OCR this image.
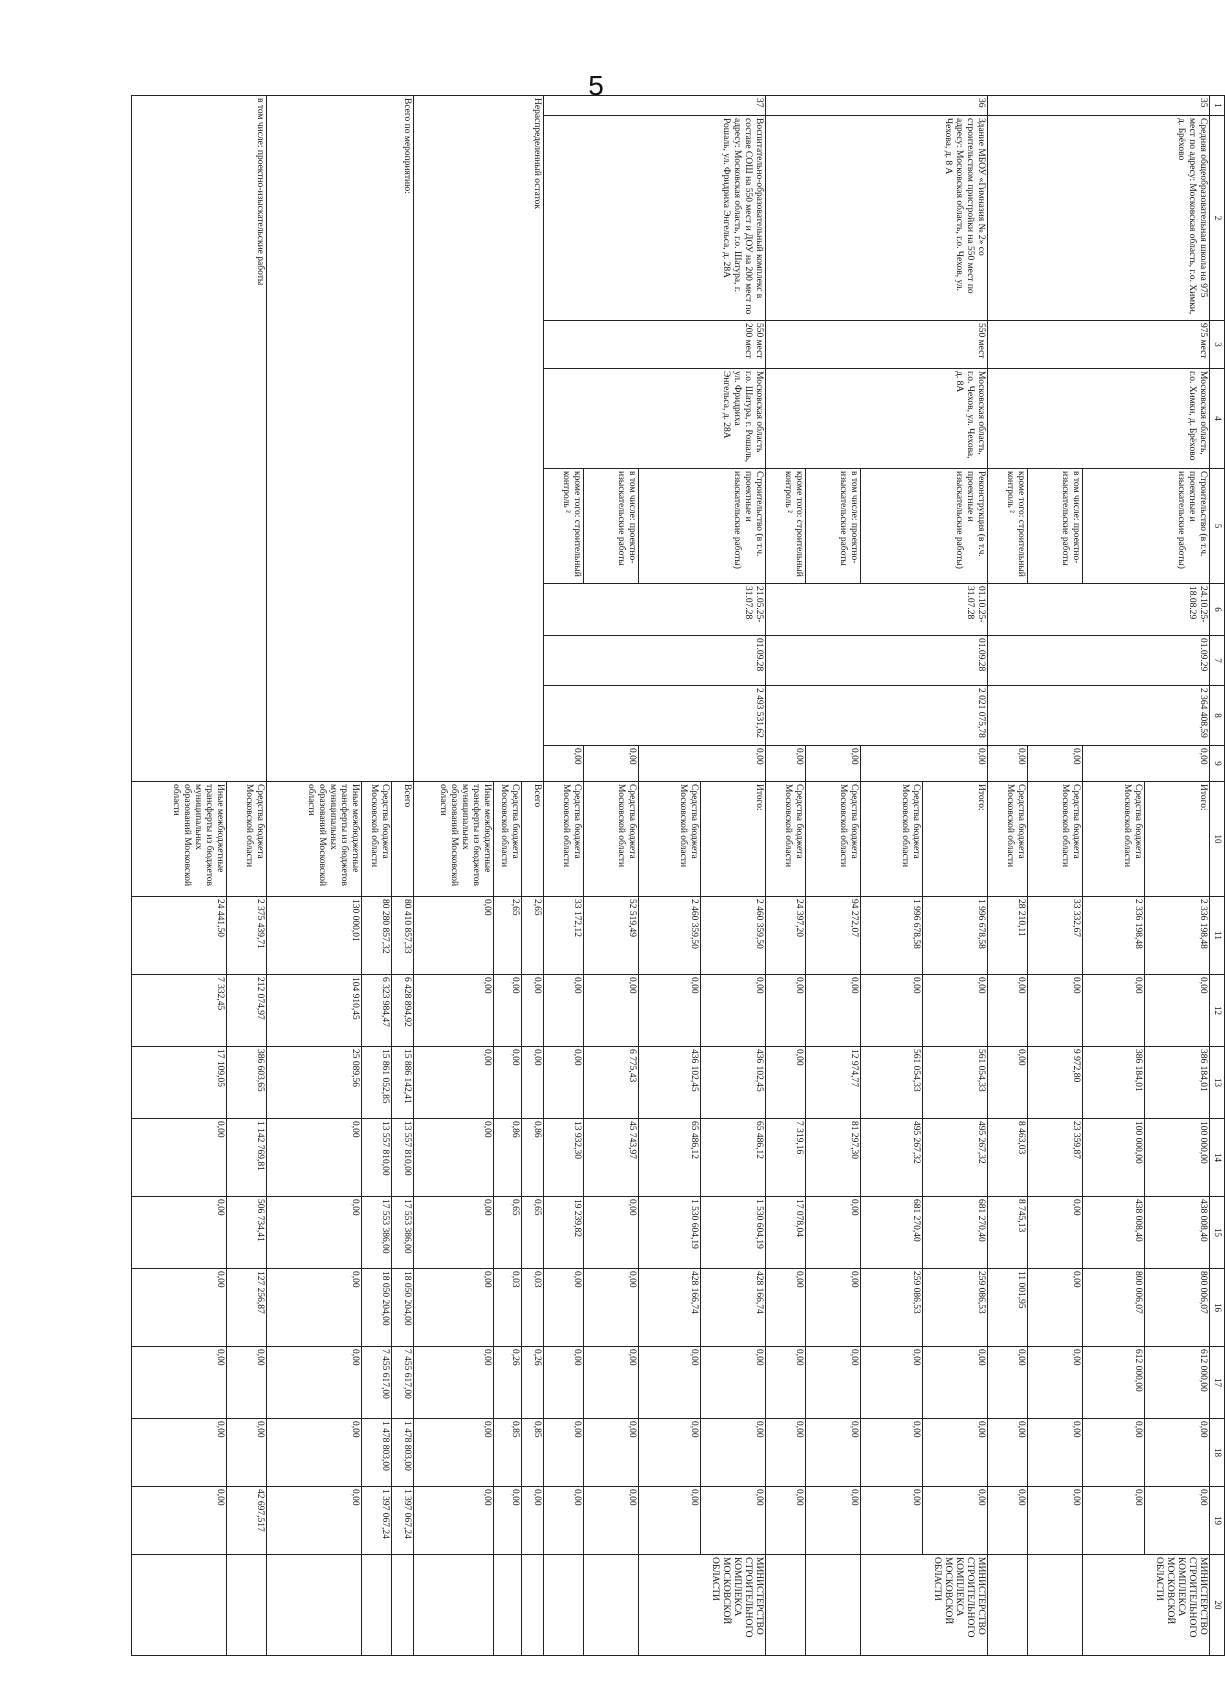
5
1	2	3	4	5	6	7	8	9	10	11	12	13	14	15	16	17	18	19	20
35	Средняя общеобразовательная школа на 975 мест по адресу: Московская область, г.о. Химки, д. Брёхово	975 мест	Московская область, г.о. Химки, д. Брёхово	Строительство (в т.ч. проектные и изыскательские работы)	24.10.25-18.08.29	01.09.29	2 364 408,59	0,00	Итого:	2 336 198,48	0,00	386 184,01	100 000,00	438 008,40	800 006,07	612 000,00	0,00	0,00	МИНИСТЕРСТВО СТРОИТЕЛЬНОГО КОМПЛЕКСА МОСКОВСКОЙ ОБЛАСТИ
									Средства бюджета Московской области	2 336 198,48	0,00	386 184,01	100 000,00	438 008,40	800 006,07	612 000,00	0,00	0,00	
				в том числе: проектно-изыскательские работы				0,00	Средства бюджета Московской области	33 332,67	0,00	9 972,80	23 359,87	0,00	0,00	0,00	0,00	0,00	
				кроме того: строительный контроль ²				0,00	Средства бюджета Московской области	28 210,11	0,00	0,00	8 463,03	8 745,13	11 001,95	0,00	0,00	0,00	
36	Здание МБОУ «Гимназия № 2» со строительством пристройки на 550 мест по адресу: Московская область, г.о. Чехов, ул. Чехова, д. 8 А	550 мест	Московская область, г.о. Чехов, ул. Чехова, д. 8А	Реконструкция (в т.ч. проектные и изыскательские работы)	01.10.25-31.07.28	01.09.28	2 021 075,78	0,00	Итого:	1 996 678,58	0,00	561 054,33	495 267,32	681 270,40	259 086,53	0,00	0,00	0,00	МИНИСТЕРСТВО СТРОИТЕЛЬНОГО КОМПЛЕКСА МОСКОВСКОЙ ОБЛАСТИ
									Средства бюджета Московской области	1 996 678,58	0,00	561 054,33	495 267,32	681 270,40	259 086,53	0,00	0,00	0,00	
				в том числе: проектно-изыскательские работы				0,00	Средства бюджета Московской области	94 272,07	0,00	12 974,77	81 297,30	0,00	0,00	0,00	0,00	0,00	
				кроме того: строительный контроль ²				0,00	Средства бюджета Московской области	24 397,20	0,00	0,00	7 319,16	17 078,04	0,00	0,00	0,00	0,00	
37	Воспитательно-образовательный комплекс в составе СОШ на 550 мест и ДОУ на 200 мест по адресу: Московская область, г.о. Шатура, г. Рошаль, ул. Фридриха Энгельса, д. 28А	550 мест 200 мест	Московская область г.о. Шатура, г. Рошаль, ул. Фридриха Энгельса, д. 28А	Строительство (в т.ч. проектные и изыскательские работы)	21.05.25-31.07.28	01.09.28	2 493 531,62	0,00	Итого:	2 460 359,50	0,00	436 102,45	65 486,12	1 530 604,19	428 166,74	0,00	0,00	0,00	МИНИСТЕРСТВО СТРОИТЕЛЬНОГО КОМПЛЕКСА МОСКОВСКОЙ ОБЛАСТИ
									Средства бюджета Московской области	2 460 359,50	0,00	436 102,45	65 486,12	1 530 604,19	428 166,74	0,00	0,00	0,00	
				в том числе: проектно-изыскательские работы				0,00	Средства бюджета Московской области	52 519,49	0,00	6 775,43	45 743,97	0,00	0,00	0,00	0,00	0,00	
				кроме того: строительный контроль ²				0,00	Средства бюджета Московской области	33 172,12	0,00	0,00	13 932,30	19 239,82	0,00	0,00	0,00	0,00	
Нераспределенный остаток									Всего	2,65	0,00	0,00	0,86	0,65	0,03	0,26	0,85	0,00	
									Средства бюджета Московской области	2,65	0,00	0,00	0,86	0,65	0,03	0,26	0,85	0,00	
									Иные межбюджетные трансферты из бюджетов муниципальных образований Московской области	0,00	0,00	0,00	0,00	0,00	0,00	0,00	0,00	0,00	
Всего по мероприятию:									Всего	80 410 857,33	6 428 894,92	15 886 142,41	13 557 810,00	17 553 386,00	18 050 204,00	7 455 617,00	1 478 803,00	1 397 067,24	
									Средства бюджета Московской области	80 280 857,32	6 323 984,47	15 861 052,85	13 557 810,00	17 553 386,00	18 050 204,00	7 455 617,00	1 478 803,00	1 397 067,24	
									Иные межбюджетные трансферты из бюджетов муниципальных образований Московской области	130 000,01	104 910,45	25 089,56	0,00	0,00	0,00	0,00	0,00	0,00	
в том числе: проектно-изыскательские работы									Средства бюджета Московской области	2 375 439,71	212 074,97	386 603,65	1 142 769,81	506 734,41	127 256,87	0,00	0,00	42 697,517	
									Иные межбюджетные трансферты из бюджетов муниципальных образований Московской области	24 441,50	7 332,45	17 109,05	0,00	0,00	0,00	0,00	0,00	0,00	
